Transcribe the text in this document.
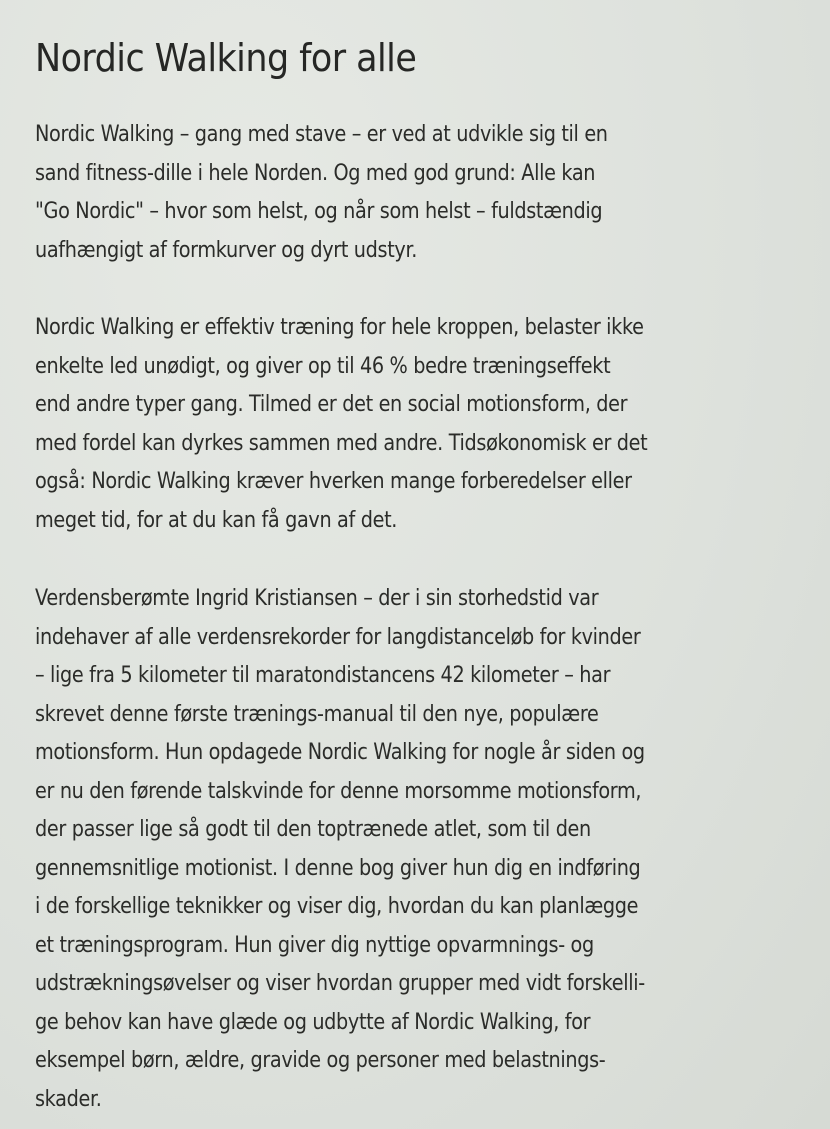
Nordic Walking for alle

Nordic Walking – gang med stave – er ved at udvikle sig til en
sand fitness-dille i hele Norden. Og med god grund: Alle kan
"Go Nordic" – hvor som helst, og når som helst – fuldstændig
uafhængigt af formkurver og dyrt udstyr.

Nordic Walking er effektiv træning for hele kroppen, belaster ikke
enkelte led unødigt, og giver op til 46 % bedre træningseffekt
end andre typer gang. Tilmed er det en social motionsform, der
med fordel kan dyrkes sammen med andre. Tidsøkonomisk er det
også: Nordic Walking kræver hverken mange forberedelser eller
meget tid, for at du kan få gavn af det.

Verdensberømte Ingrid Kristiansen – der i sin storhedstid var
indehaver af alle verdensrekorder for langdistanceløb for kvinder
– lige fra 5 kilometer til maratondistancens 42 kilometer – har
skrevet denne første trænings-manual til den nye, populære
motionsform. Hun opdagede Nordic Walking for nogle år siden og
er nu den førende talskvinde for denne morsomme motionsform,
der passer lige så godt til den toptrænede atlet, som til den
gennemsnitlige motionist. I denne bog giver hun dig en indføring
i de forskellige teknikker og viser dig, hvordan du kan planlægge
et træningsprogram. Hun giver dig nyttige opvarmnings- og
udstrækningsøvelser og viser hvordan grupper med vidt forskelli-
ge behov kan have glæde og udbytte af Nordic Walking, for
eksempel børn, ældre, gravide og personer med belastnings-
skader.
